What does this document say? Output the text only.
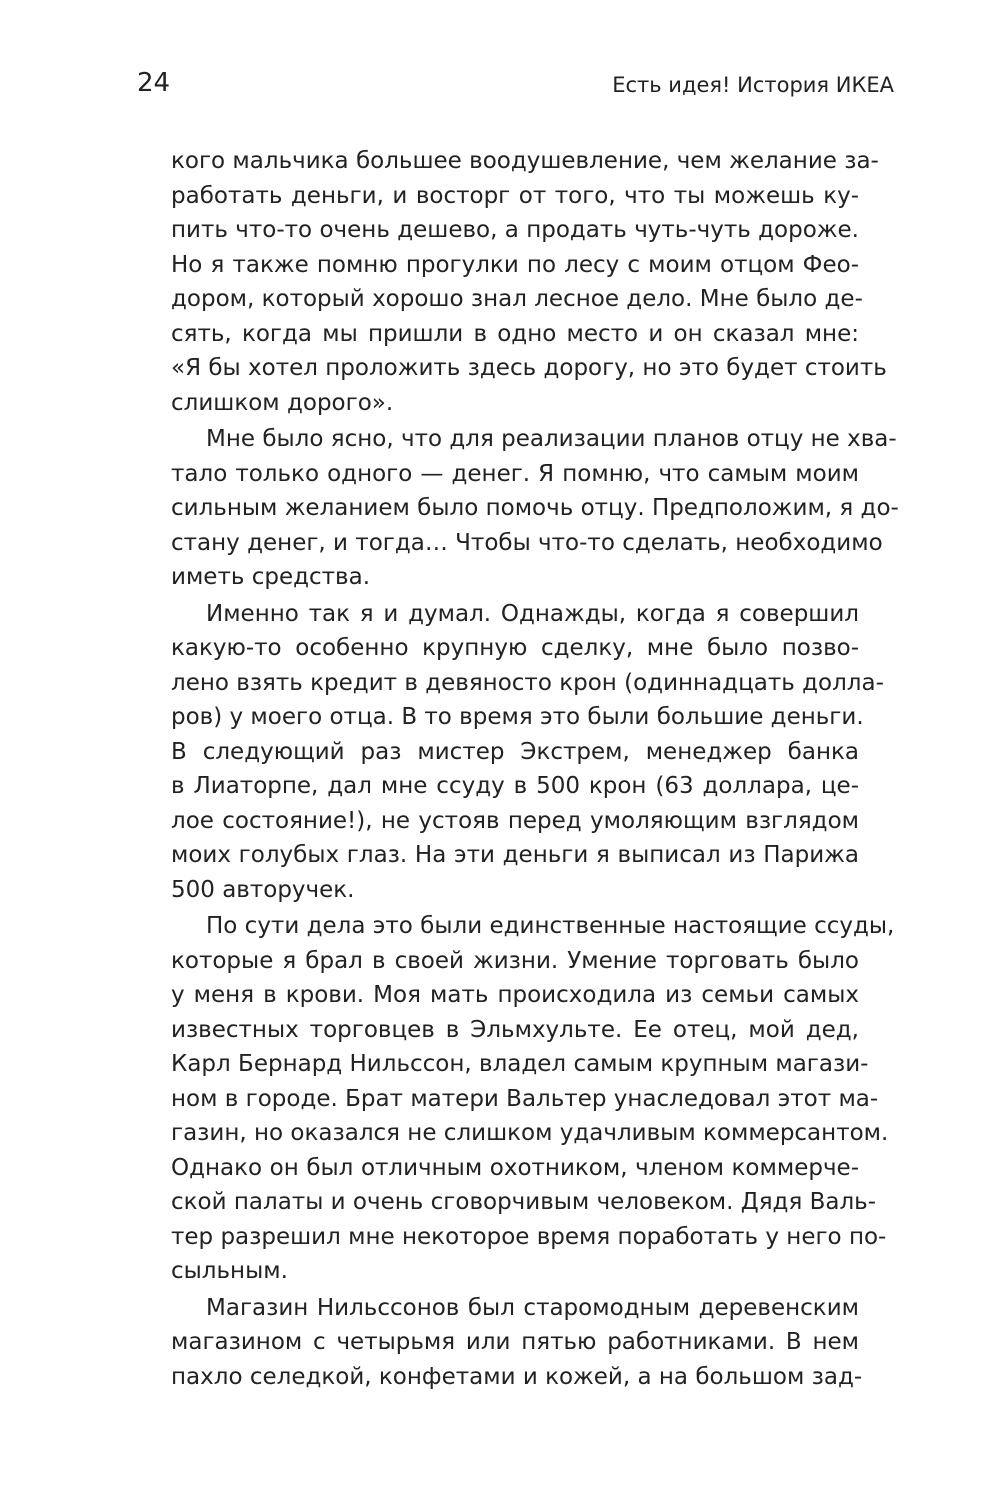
24	Есть идея! История ИКЕА
кого мальчика большее воодушевление, чем желание за-
работать деньги, и восторг от того, что ты можешь ку-
пить что-то очень дешево, а продать чуть-чуть дороже.
Но я также помню прогулки по лесу с моим отцом Фео-
дором, который хорошо знал лесное дело. Мне было де-
сять, когда мы пришли в одно место и он сказал мне:
«Я бы хотел проложить здесь дорогу, но это будет стоить
слишком дорого».
Мне было ясно, что для реализации планов отцу не хва-
тало только одного — денег. Я помню, что самым моим
сильным желанием было помочь отцу. Предположим, я до-
стану денег, и тогда… Чтобы что-то сделать, необходимо
иметь средства.
Именно так я и думал. Однажды, когда я совершил
какую-то особенно крупную сделку, мне было позво-
лено взять кредит в девяносто крон (одиннадцать долла-
ров) у моего отца. В то время это были большие деньги.
В следующий раз мистер Экстрем, менеджер банка
в Лиаторпе, дал мне ссуду в 500 крон (63 доллара, це-
лое состояние!), не устояв перед умоляющим взглядом
моих голубых глаз. На эти деньги я выписал из Парижа
500 авторучек.
По сути дела это были единственные настоящие ссуды,
которые я брал в своей жизни. Умение торговать было
у меня в крови. Моя мать происходила из семьи самых
известных торговцев в Эльмхульте. Ее отец, мой дед,
Карл Бернард Нильссон, владел самым крупным магази-
ном в городе. Брат матери Вальтер унаследовал этот ма-
газин, но оказался не слишком удачливым коммерсантом.
Однако он был отличным охотником, членом коммерче-
ской палаты и очень сговорчивым человеком. Дядя Валь-
тер разрешил мне некоторое время поработать у него по-
сыльным.
Магазин Нильссонов был старомодным деревенским
магазином с четырьмя или пятью работниками. В нем
пахло селедкой, конфетами и кожей, а на большом зад-
